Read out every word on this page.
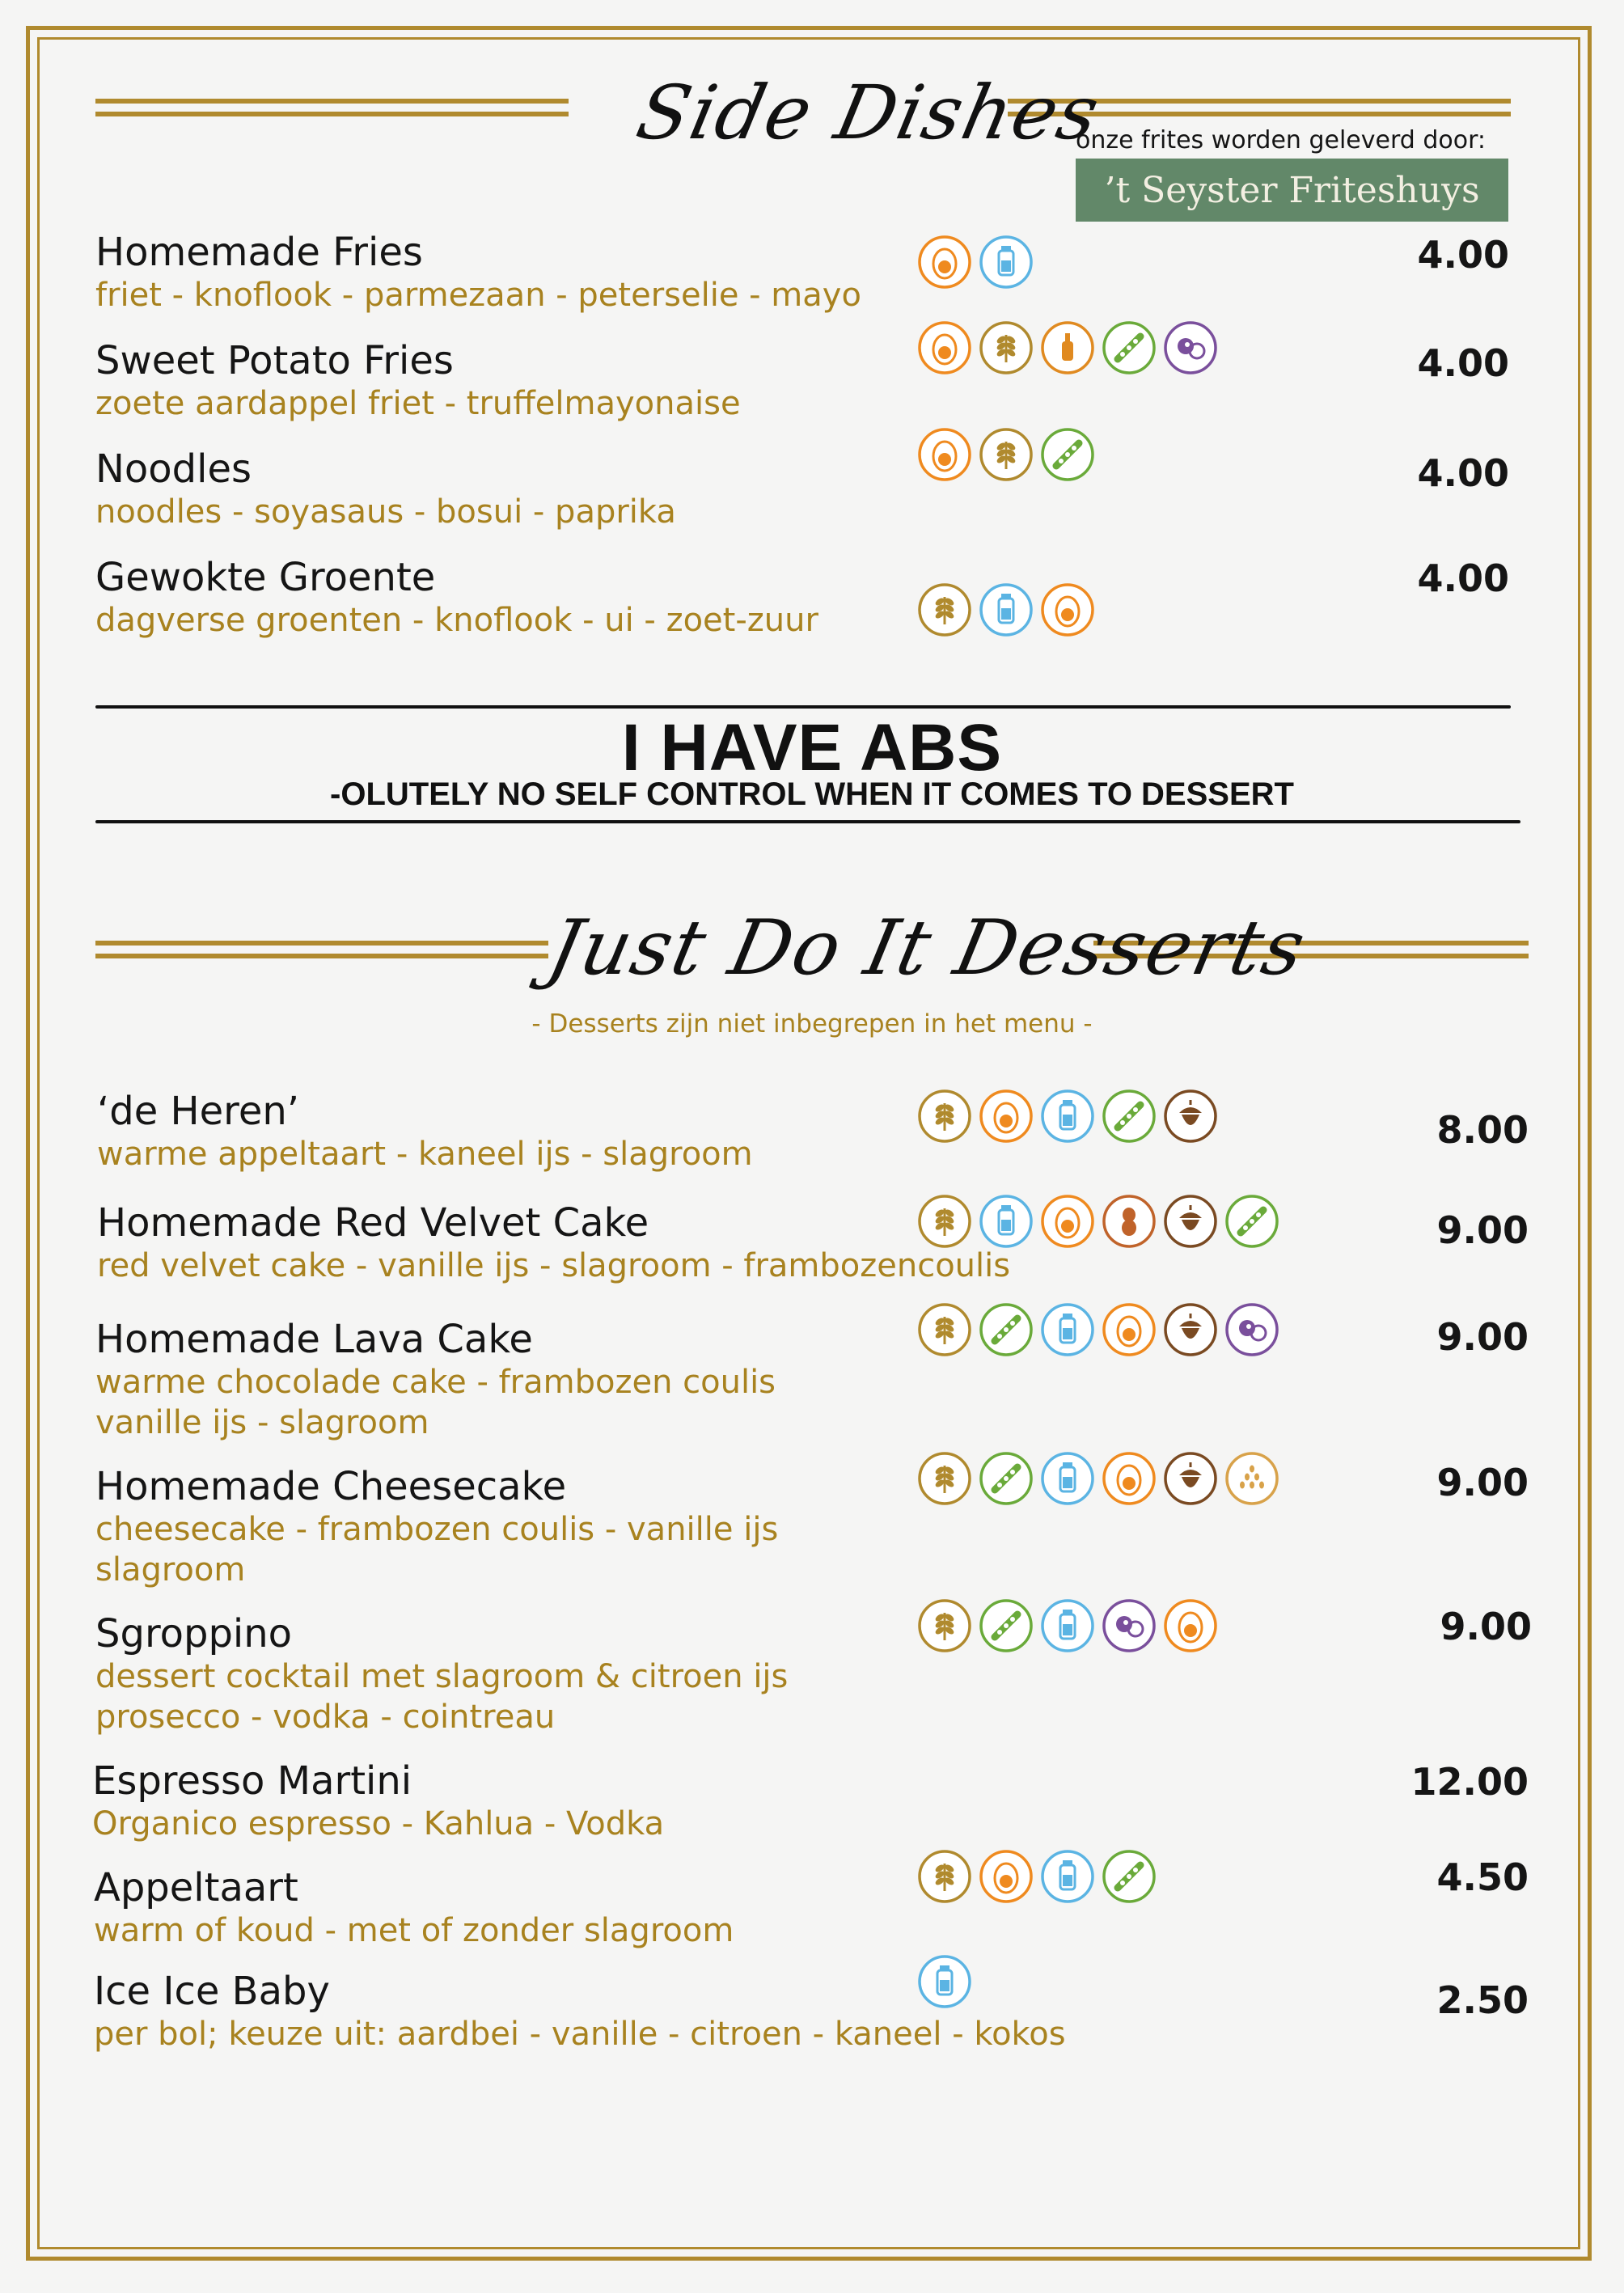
Side Dishes
onze frites worden geleverd door:
’t Seyster Friteshuys
Homemade Fries
friet - knoflook - parmezaan - peterselie - mayo
4.00
Sweet Potato Fries
zoete aardappel friet - truffelmayonaise
4.00
Noodles
noodles - soyasaus - bosui - paprika
4.00
Gewokte Groente
dagverse groenten - knoflook - ui - zoet-zuur
4.00
I HAVE ABS
-OLUTELY NO SELF CONTROL WHEN IT COMES TO DESSERT
Just Do It Desserts
- Desserts zijn niet inbegrepen in het menu -
‘de Heren’
warme appeltaart - kaneel ijs - slagroom
8.00
Homemade Red Velvet Cake
red velvet cake - vanille ijs - slagroom - frambozencoulis
9.00
Homemade Lava Cake
warme chocolade cake - frambozen coulis
vanille ijs - slagroom
9.00
Homemade Cheesecake
cheesecake - frambozen coulis - vanille ijs
slagroom
9.00
Sgroppino
dessert cocktail met slagroom & citroen ijs
prosecco - vodka - cointreau
9.00
Espresso Martini
Organico espresso - Kahlua - Vodka
12.00
Appeltaart
warm of koud - met of zonder slagroom
4.50
Ice Ice Baby
per bol; keuze uit: aardbei - vanille - citroen - kaneel - kokos
2.50
